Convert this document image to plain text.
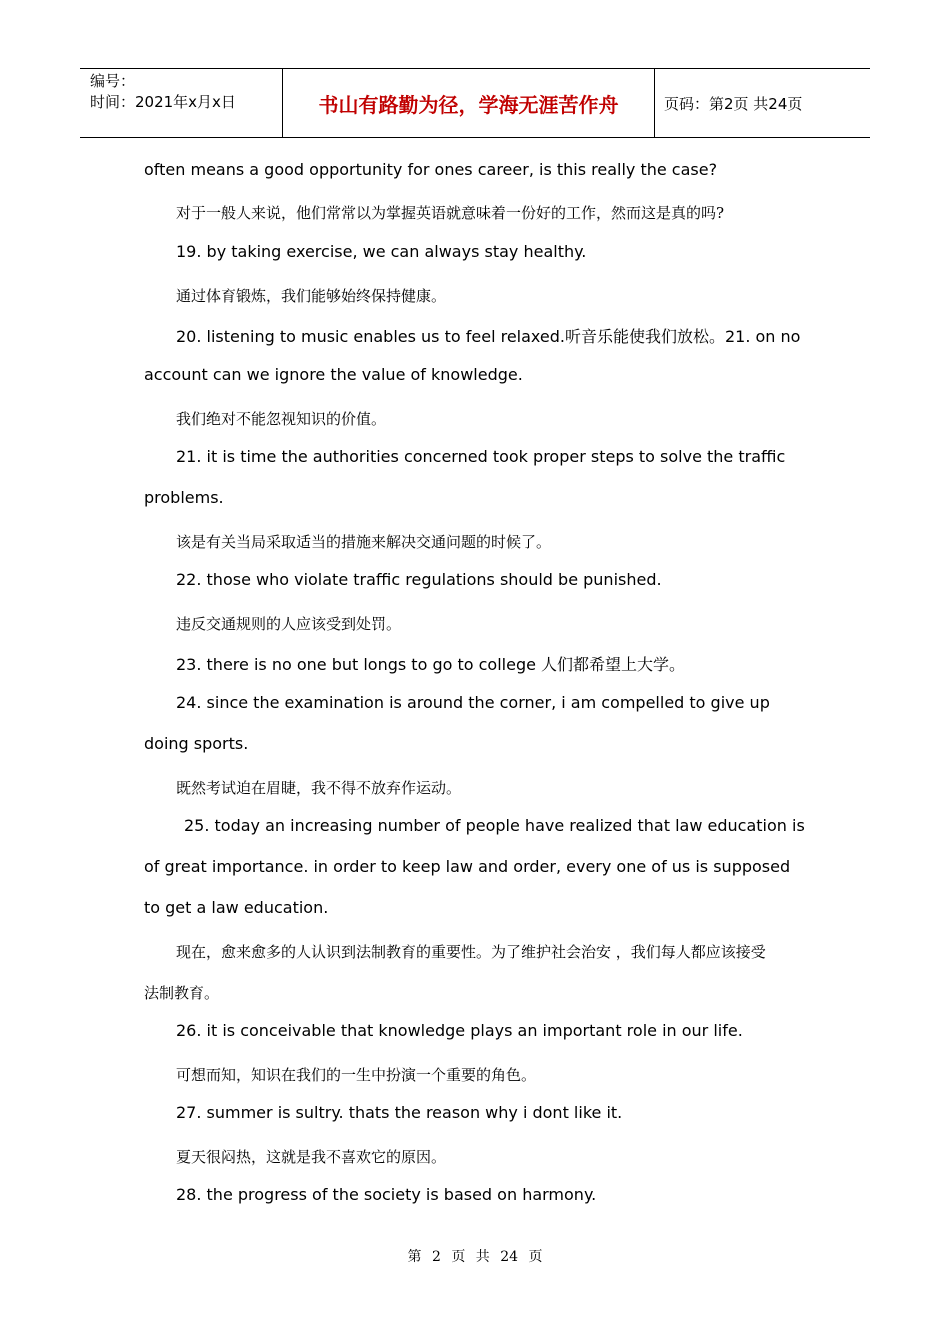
编号：
时间：2021年x月x日	书山有路勤为径，学海无涯苦作舟	页码：第2页 共24页
often means a good opportunity for ones career, is this really the case?
对于一般人来说，他们常常以为掌握英语就意味着一份好的工作，然而这是真的吗?
19. by taking exercise, we can always stay healthy.
通过体育锻炼，我们能够始终保持健康。
20. listening to music enables us to feel relaxed.听音乐能使我们放松。21. on no
account can we ignore the value of knowledge.
我们绝对不能忽视知识的价值。
21. it is time the authorities concerned took proper steps to solve the traffic
problems.
该是有关当局采取适当的措施来解决交通问题的时候了。
22. those who violate traffic regulations should be punished.
违反交通规则的人应该受到处罚。
23. there is no one but longs to go to college 人们都希望上大学。
24. since the examination is around the corner, i am compelled to give up
doing sports.
既然考试迫在眉睫，我不得不放弃作运动。
25. today an increasing number of people have realized that law education is
of great importance. in order to keep law and order, every one of us is supposed
to get a law education.
现在，愈来愈多的人认识到法制教育的重要性。为了维护社会治安 ，我们每人都应该接受
法制教育。
26. it is conceivable that knowledge plays an important role in our life.
可想而知，知识在我们的一生中扮演一个重要的角色。
27. summer is sultry. thats the reason why i dont like it.
夏天很闷热，这就是我不喜欢它的原因。
28. the progress of the society is based on harmony.
第 2 页 共 24 页
